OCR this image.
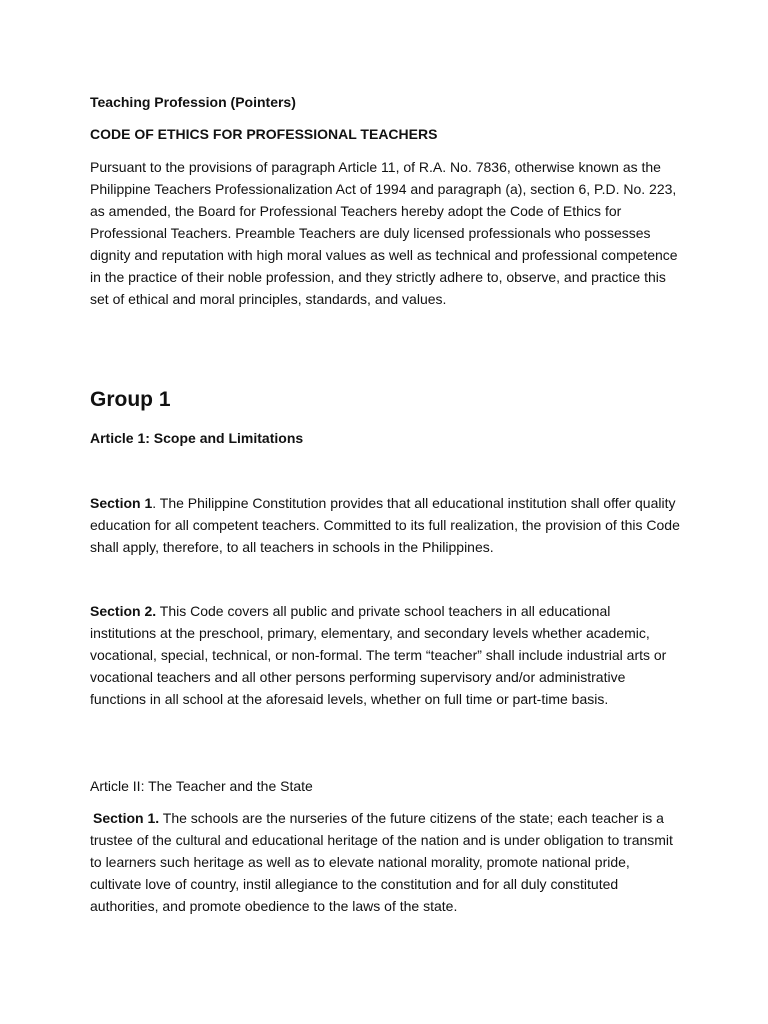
Teaching Profession (Pointers)
CODE OF ETHICS FOR PROFESSIONAL TEACHERS
Pursuant to the provisions of paragraph Article 11, of R.A. No. 7836, otherwise known as the Philippine Teachers Professionalization Act of 1994 and paragraph (a), section 6, P.D. No. 223, as amended, the Board for Professional Teachers hereby adopt the Code of Ethics for Professional Teachers. Preamble Teachers are duly licensed professionals who possesses dignity and reputation with high moral values as well as technical and professional competence in the practice of their noble profession, and they strictly adhere to, observe, and practice this set of ethical and moral principles, standards, and values.
Group 1
Article 1: Scope and Limitations
Section 1. The Philippine Constitution provides that all educational institution shall offer quality education for all competent teachers. Committed to its full realization, the provision of this Code shall apply, therefore, to all teachers in schools in the Philippines.
Section 2. This Code covers all public and private school teachers in all educational institutions at the preschool, primary, elementary, and secondary levels whether academic, vocational, special, technical, or non-formal. The term “teacher” shall include industrial arts or vocational teachers and all other persons performing supervisory and/or administrative functions in all school at the aforesaid levels, whether on full time or part-time basis.
Article II: The Teacher and the State
Section 1. The schools are the nurseries of the future citizens of the state; each teacher is a trustee of the cultural and educational heritage of the nation and is under obligation to transmit to learners such heritage as well as to elevate national morality, promote national pride, cultivate love of country, instil allegiance to the constitution and for all duly constituted authorities, and promote obedience to the laws of the state.
